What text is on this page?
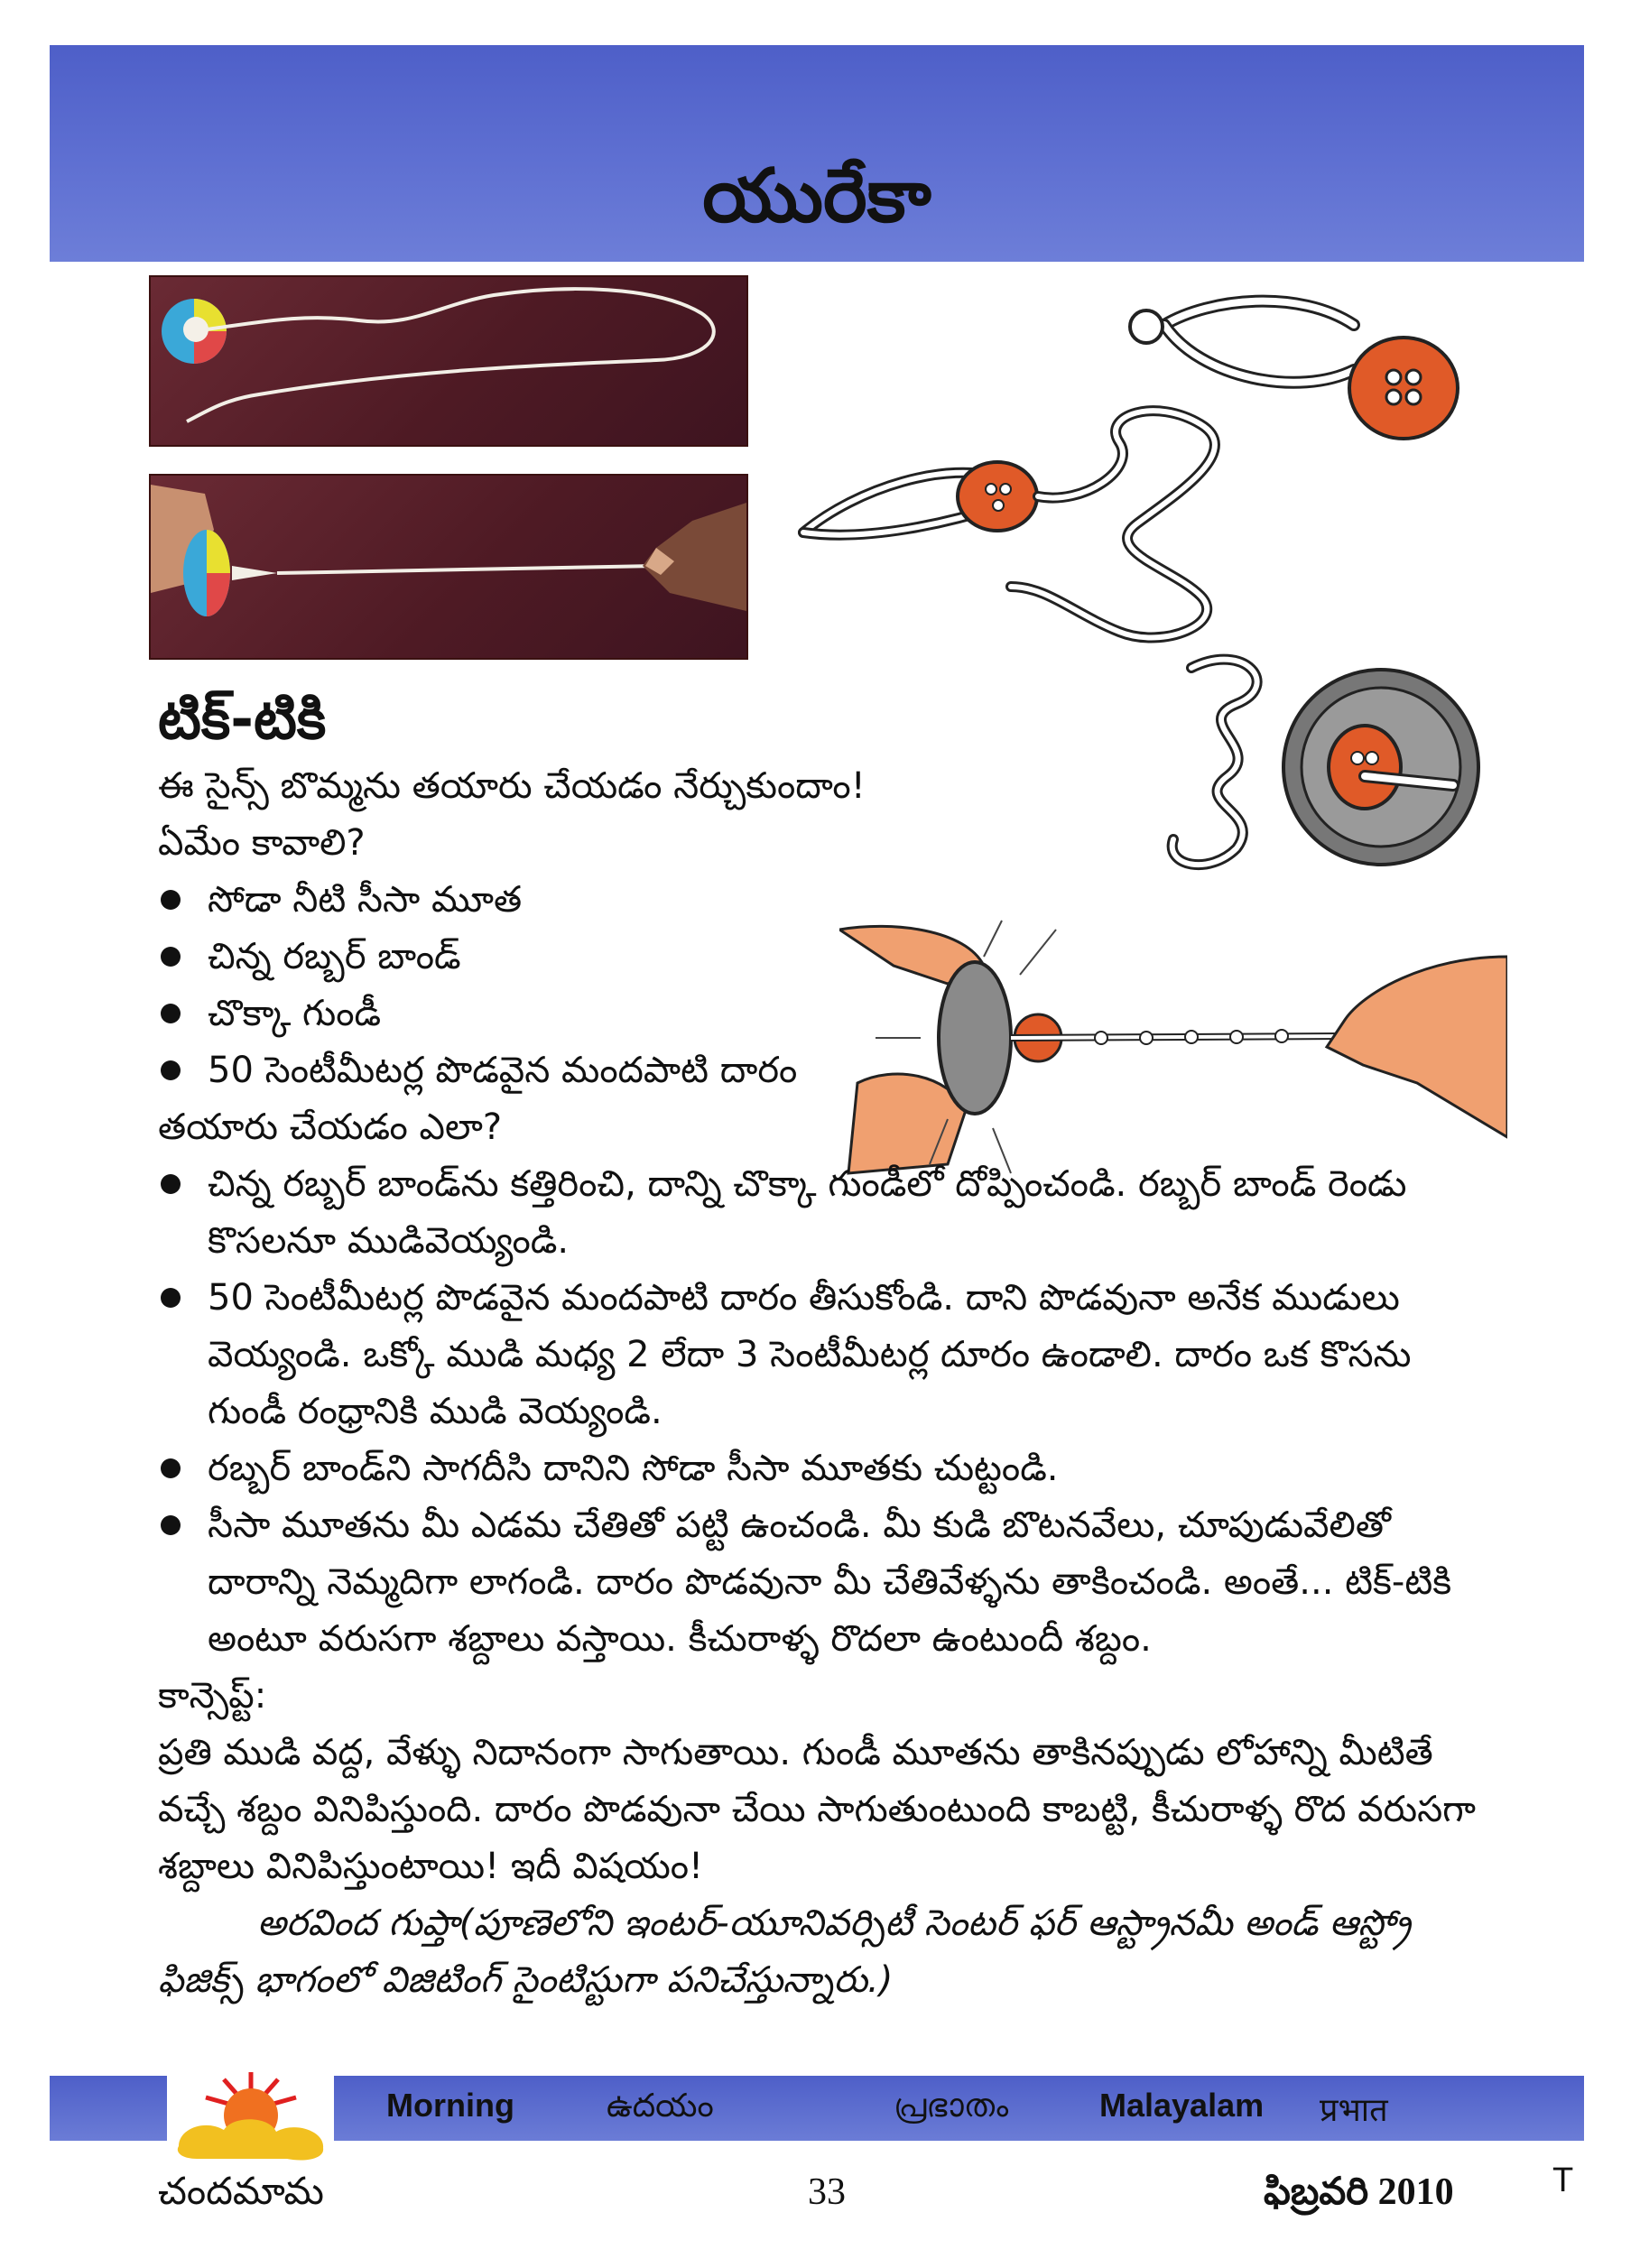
యురేకా
టిక్-టికి
ఈ సైన్స్ బొమ్మను తయారు చేయడం నేర్చుకుందాం!
ఏమేం కావాలి?
సోడా నీటి సీసా మూత
చిన్న రబ్బర్ బాండ్
చొక్కా గుండీ
50 సెంటీమీటర్ల పొడవైన మందపాటి దారం
తయారు చేయడం ఎలా?
చిన్న రబ్బర్ బాండ్‌ను కత్తిరించి, దాన్ని చొక్కా గుండీలో దోప్పించండి. రబ్బర్ బాండ్ రెండు
కొసలనూ ముడివెయ్యండి.
50 సెంటీమీటర్ల పొడవైన మందపాటి దారం తీసుకోండి. దాని పొడవునా అనేక ముడులు
వెయ్యండి. ఒక్కో ముడి మధ్య 2 లేదా 3 సెంటీమీటర్ల దూరం ఉండాలి. దారం ఒక కొసను
గుండీ రంధ్రానికి ముడి వెయ్యండి.
రబ్బర్ బాండ్‌ని సాగదీసి దానిని సోడా సీసా మూతకు చుట్టండి.
సీసా మూతను మీ ఎడమ చేతితో పట్టి ఉంచండి. మీ కుడి బొటనవేలు, చూపుడువేలితో
దారాన్ని నెమ్మదిగా లాగండి. దారం పొడవునా మీ చేతివేళ్ళను తాకించండి. అంతే... టిక్-టికి
అంటూ వరుసగా శబ్దాలు వస్తాయి. కీచురాళ్ళ రొదలా ఉంటుందీ శబ్దం.
కాన్సెప్ట్:
ప్రతి ముడి వద్ద, వేళ్ళు నిదానంగా సాగుతాయి. గుండీ మూతను తాకినప్పుడు లోహాన్ని మీటితే
వచ్చే శబ్దం వినిపిస్తుంది. దారం పొడవునా చేయి సాగుతుంటుంది కాబట్టి, కీచురాళ్ళ రొద వరుసగా
శబ్దాలు వినిపిస్తుంటాయి! ఇదీ విషయం!
అరవింద గుప్తా(పూణెలోని ఇంటర్-యూనివర్సిటీ సెంటర్ ఫర్ ఆస్ట్రానమీ అండ్ ఆస్ట్రో
ఫిజిక్స్ భాగంలో విజిటింగ్ సైంటిస్టుగా పనిచేస్తున్నారు.)
Morning	ఉదయం	പ്രഭാതം	Malayalam प्रभात
చందమామ	33	ఫిబ్రవరి 2010	T
